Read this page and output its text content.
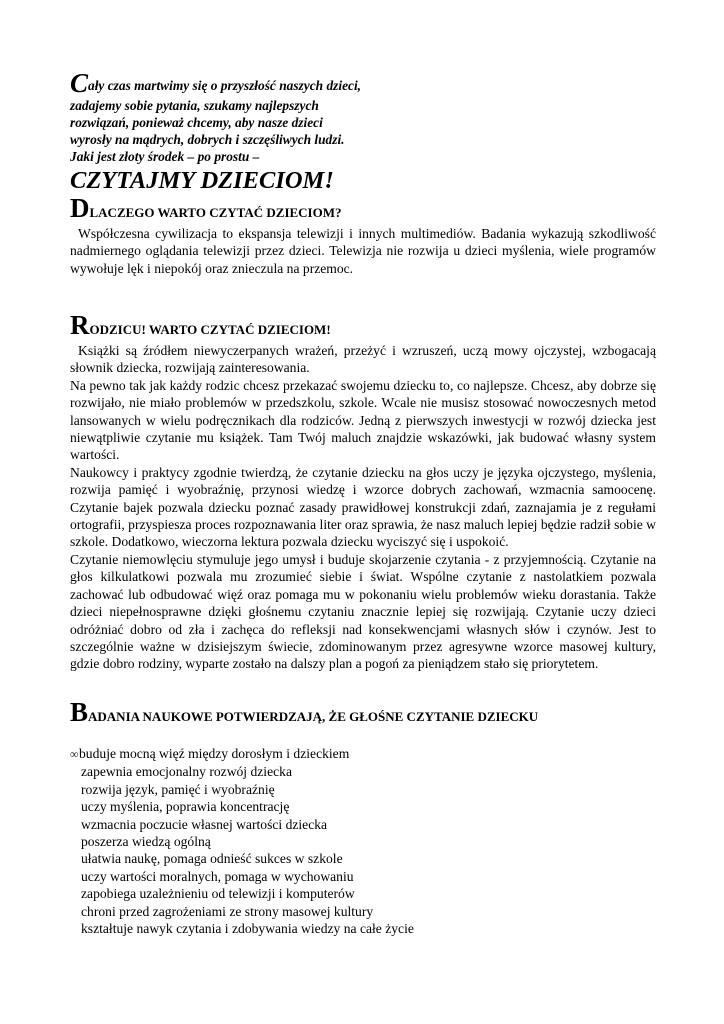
Cały czas martwimy się o przyszłość naszych dzieci,
zadajemy sobie pytania, szukamy najlepszych
rozwiązań, ponieważ chcemy, aby nasze dzieci
wyrosły na mądrych, dobrych i szczęśliwych ludzi.
Jaki jest złoty środek – po prostu –
CZYTAJMY DZIECIOM!
DLACZEGO WARTO CZYTAĆ DZIECIOM?

Współczesna cywilizacja to ekspansja telewizji i innych multimediów. Badania wykazują szkodliwość nadmiernego oglądania telewizji przez dzieci. Telewizja nie rozwija u dzieci myślenia, wiele programów wywołuje lęk i niepokój oraz znieczula na przemoc.

RODZICU! WARTO CZYTAĆ DZIECIOM!

Książki są źródłem niewyczerpanych wrażeń, przeżyć i wzruszeń, uczą mowy ojczystej, wzbogacają słownik dziecka, rozwijają zainteresowania.

Na pewno tak jak każdy rodzic chcesz przekazać swojemu dziecku to, co najlepsze. Chcesz, aby dobrze się rozwijało, nie miało problemów w przedszkolu, szkole. Wcale nie musisz stosować nowoczesnych metod lansowanych w wielu podręcznikach dla rodziców. Jedną z pierwszych inwestycji w rozwój dziecka jest niewątpliwie czytanie mu książek. Tam Twój maluch znajdzie wskazówki, jak budować własny system wartości.

Naukowcy i praktycy zgodnie twierdzą, że czytanie dziecku na głos uczy je języka ojczystego, myślenia, rozwija pamięć i wyobraźnię, przynosi wiedzę i wzorce dobrych zachowań, wzmacnia samoocenę. Czytanie bajek pozwala dziecku poznać zasady prawidłowej konstrukcji zdań, zaznajamia je z regułami ortografii, przyspiesza proces rozpoznawania liter oraz sprawia, że nasz maluch lepiej będzie radził sobie w szkole. Dodatkowo, wieczorna lektura pozwala dziecku wyciszyć się i uspokoić.

Czytanie niemowlęciu stymuluje jego umysł i buduje skojarzenie czytania - z przyjemnością. Czytanie na głos kilkulatkowi pozwala mu zrozumieć siebie i świat. Wspólne czytanie z nastolatkiem pozwala zachować lub odbudować więź oraz pomaga mu w pokonaniu wielu problemów wieku dorastania. Także dzieci niepełnosprawne dzięki głośnemu czytaniu znacznie lepiej się rozwijają. Czytanie uczy dzieci odróżniać dobro od zła i zachęca do refleksji nad konsekwencjami własnych słów i czynów. Jest to szczególnie ważne w dzisiejszym świecie, zdominowanym przez agresywne wzorce masowej kultury, gdzie dobro rodziny, wyparte zostało na dalszy plan a pogoń za pieniądzem stało się priorytetem.

BADANIA NAUKOWE POTWIERDZAJĄ, ŻE GŁOŚNE CZYTANIE DZIECKU
∞ buduje mocną więź między dorosłym i dzieckiem
zapewnia emocjonalny rozwój dziecka
rozwija język, pamięć i wyobraźnię
uczy myślenia, poprawia koncentrację
wzmacnia poczucie własnej wartości dziecka
poszerza wiedzą ogólną
ułatwia naukę, pomaga odnieść sukces w szkole
uczy wartości moralnych, pomaga w wychowaniu
zapobiega uzależnieniu od telewizji i komputerów
chroni przed zagrożeniami ze strony masowej kultury
kształtuje nawyk czytania i zdobywania wiedzy na całe życie
